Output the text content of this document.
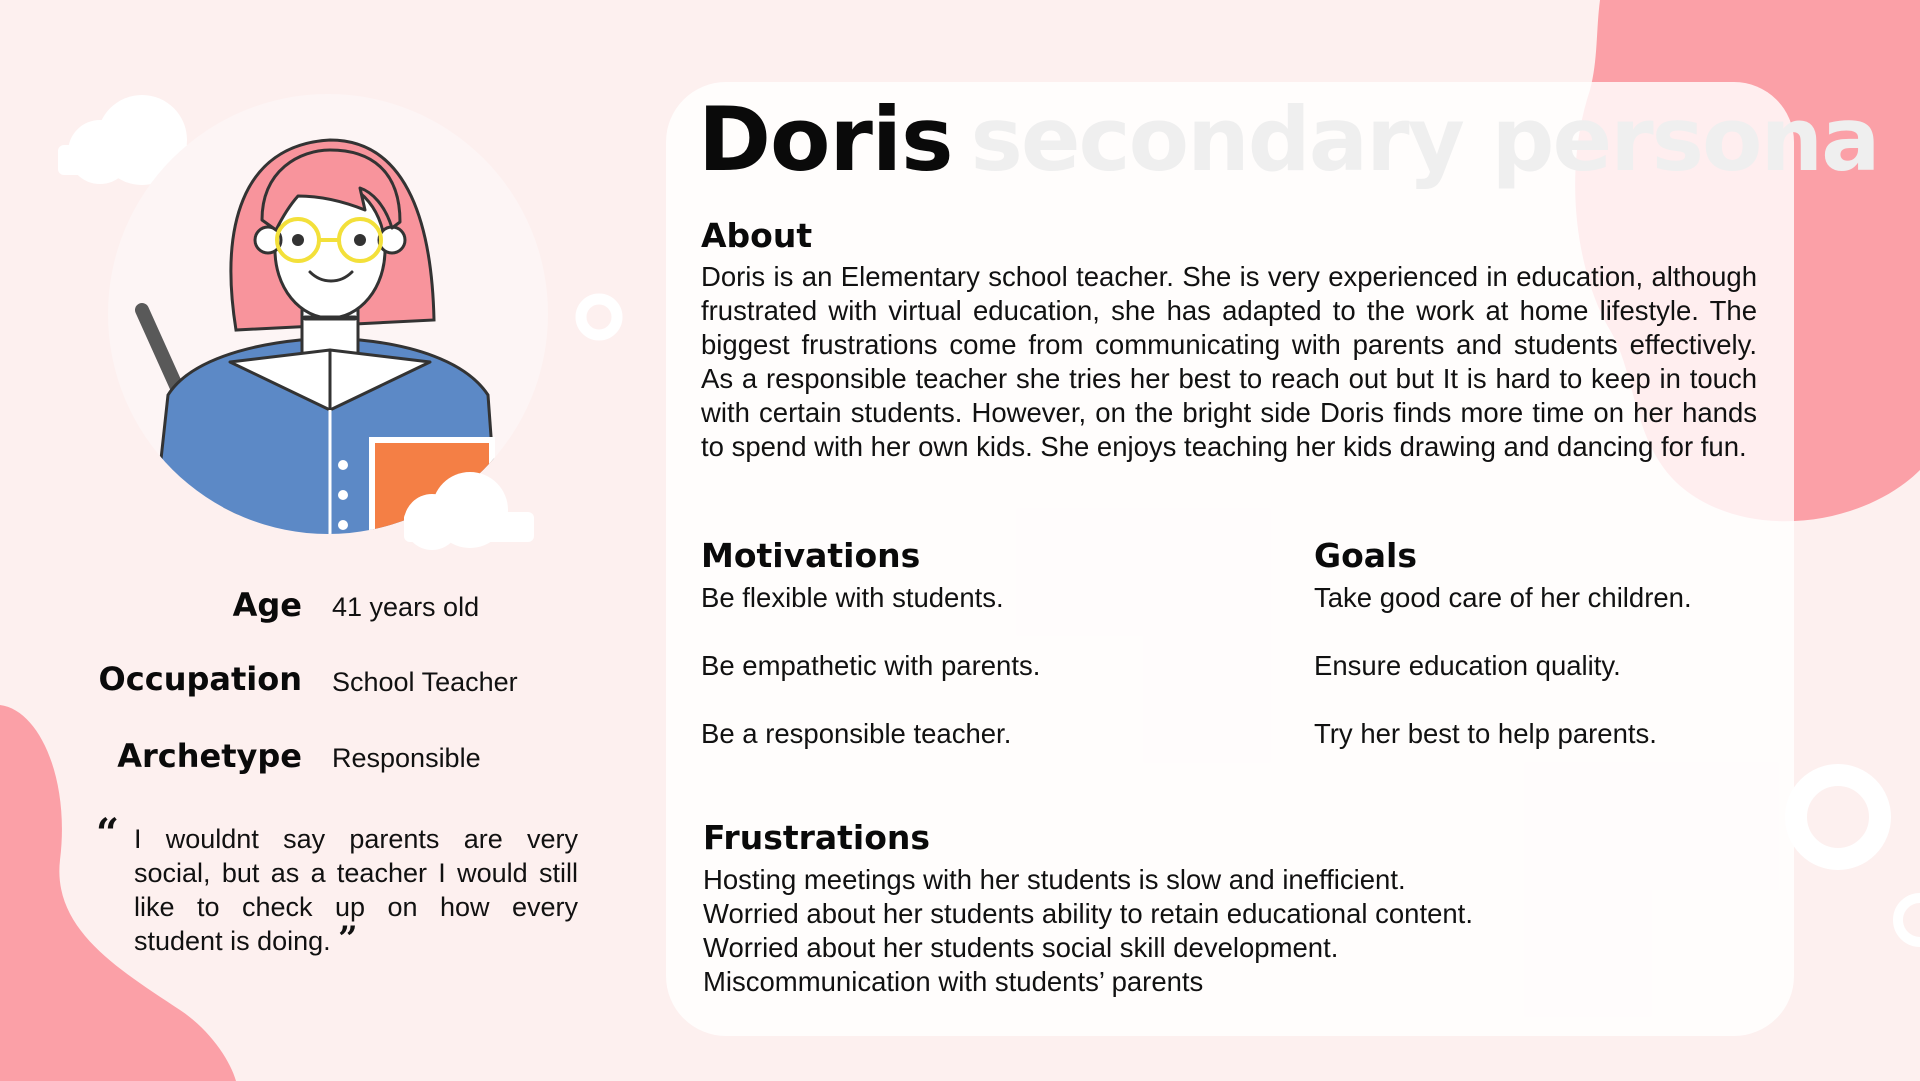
Doris secondary persona
About

Doris is an Elementary school teacher. She is very experienced in education, although frustrated with virtual education, she has adapted to the work at home lifestyle. The biggest frustrations come from communicating with parents and students effectively. As a responsible teacher she tries her best to reach out but It is hard to keep in touch with certain students. However, on the bright side Doris finds more time on her hands to spend with her own kids. She enjoys teaching her kids drawing and dancing for fun.

Motivations
Be flexible with students.
Be empathetic with parents.
Be a responsible teacher.
Goals
Take good care of her children.
Ensure education quality.
Try her best to help parents.
Frustrations
Hosting meetings with her students is slow and inefficient.
Worried about her students ability to retain educational content.
Worried about her students social skill development.
Miscommunication with students’ parents
Age 41 years old
Occupation School Teacher
Archetype Responsible
“ I wouldnt say parents are very social, but as a teacher I would still like to check up on how every student is doing. ”
